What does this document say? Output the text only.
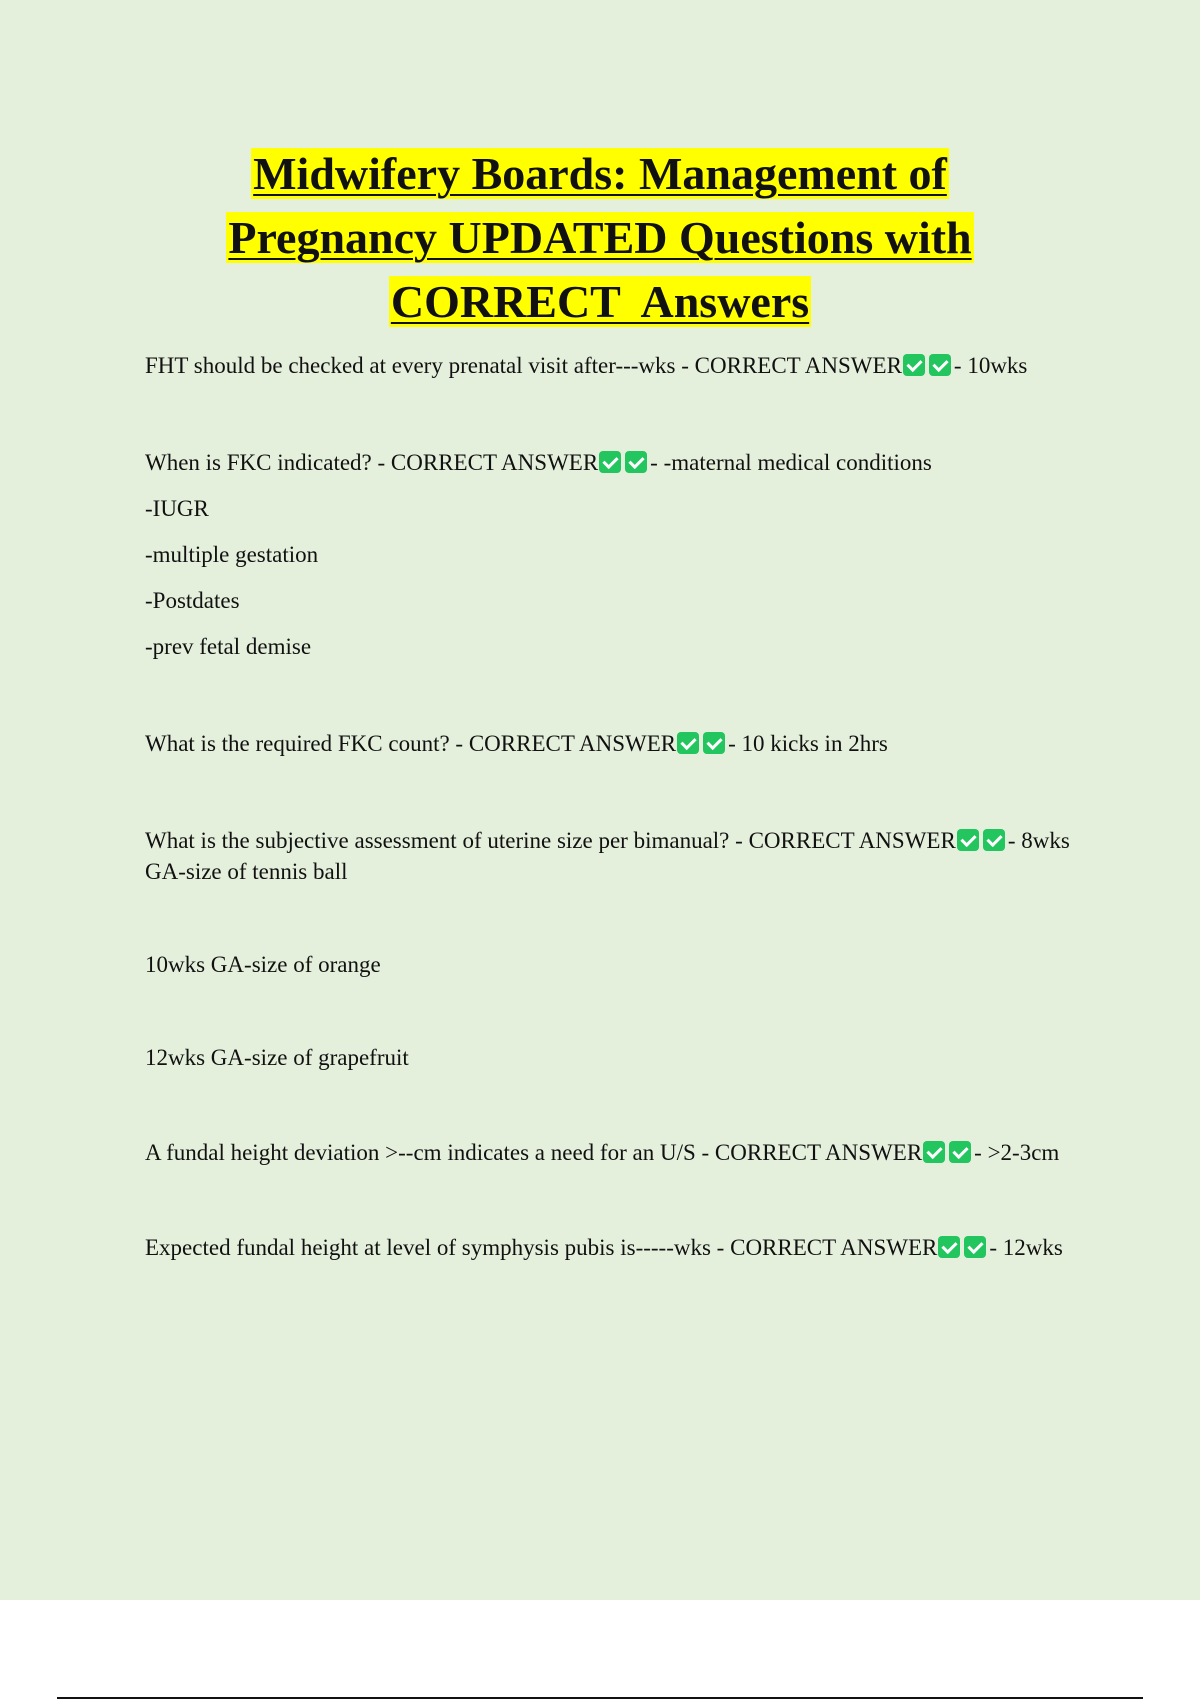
Midwifery Boards: Management of
Pregnancy UPDATED Questions with
CORRECT  Answers

FHT should be checked at every prenatal visit after---wks - CORRECT ANSWER - 10wks

When is FKC indicated? - CORRECT ANSWER - -maternal medical conditions

-IUGR

-multiple gestation

-Postdates

-prev fetal demise

What is the required FKC count? - CORRECT ANSWER - 10 kicks in 2hrs

What is the subjective assessment of uterine size per bimanual? - CORRECT ANSWER - 8wks GA-size of tennis ball

10wks GA-size of orange

12wks GA-size of grapefruit

A fundal height deviation >--cm indicates a need for an U/S - CORRECT ANSWER - >2-3cm

Expected fundal height at level of symphysis pubis is-----wks - CORRECT ANSWER - 12wks
